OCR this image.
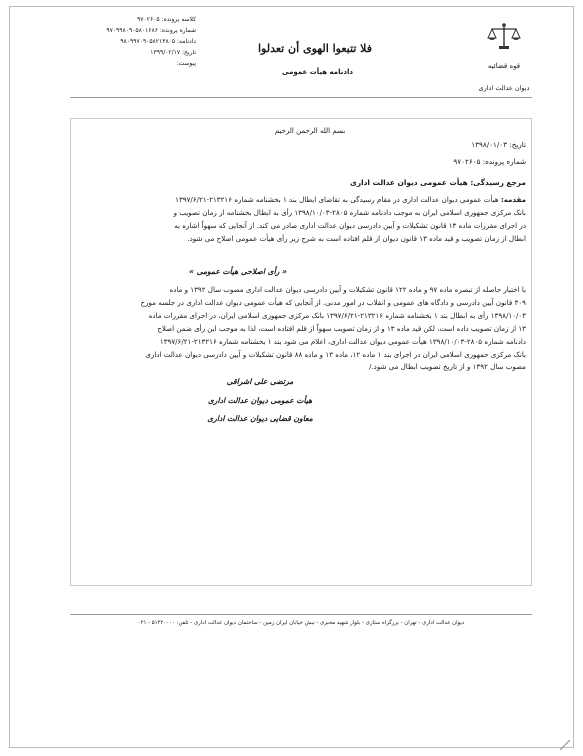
کلاسه پرونده: ۹۷۰۲۶۰۵
شماره پرونده: ۹۷۰۹۹۸۰۹۰۵۸۰۱۶۸۶
دادنامه: ۹۸۰۹۹۷۰۹۰۵۸۲۱۳۸۰۵
تاریخ: ۱۳۹۹/۰۲/۱۷
پیوست:
فلا تتبعوا الهوی أن تعدلوا
دادنامه هیأت عمومی
قوه قضائیه
دیوان عدالت اداری
بسم الله الرحمن الرحیم
تاریخ: ۱۳۹۸/۰۱/۰۳
شماره پرونده: ۹۷۰۲۶۰۵
مرجع رسیدگی: هیأت عمومی دیوان عدالت اداری
مقدمه: هیأت عمومی دیوان عدالت اداری در مقام رسیدگی به تقاضای ابطال بند ۱ بخشنامه شماره ۲۱۳۲۱۶-۱۳۹۷/۶/۲۱
بانک مرکزی جمهوری اسلامی ایران به موجب دادنامه شماره ۲۸۰۵-۱۳۹۸/۱۰/۰۳ رأی به ابطال بخشنامه از زمان تصویب و
در اجرای مقررات ماده ۱۳ قانون تشکیلات و آیین دادرسی دیوان عدالت اداری صادر می کند. از آنجایی که سهواً اشاره به
ابطال از زمان تصویب و قید ماده ۱۳ قانون دیوان از قلم افتاده است به شرح زیر رأی هیأت عمومی اصلاح می شود.
« رأی اصلاحی هیأت عمومی »
با اختیار حاصله از تبصره ماده ۹۷ و ماده ۱۲۲ قانون تشکیلات و آیین دادرسی دیوان عدالت اداری مصوب سال ۱۳۹۲ و ماده
۳۰۹ قانون آیین دادرسی و دادگاه های عمومی و انقلاب در امور مدنی. از آنجایی که هیأت عمومی دیوان عدالت اداری در جلسه مورخ
۱۳۹۸/۱۰/۰۳ رأی به ابطال بند ۱ بخشنامه شماره ۲۱۳۲۱۶-۱۳۹۷/۶/۲۱ بانک مرکزی جمهوری اسلامی ایران، در اجرای مقررات ماده
۱۳ از زمان تصویب داده است، لکن قید ماده ۱۳ و از زمان تصویب سهواً از قلم افتاده است، لذا به موجب این رأی ضمن اصلاح
دادنامه شماره ۲۸۰۵-۱۳۹۸/۱۰/۰۳ هیأت عمومی دیوان عدالت اداری، اعلام می شود بند ۱ بخشنامه شماره ۲۱۳۲۱۶-۱۳۹۷/۶/۲۱
بانک مرکزی جمهوری اسلامی ایران در اجرای بند ۱ ماده ۱۲، ماده ۱۳ و ماده ۸۸ قانون تشکیلات و آیین دادرسی دیوان عدالت اداری
مصوب سال ۱۳۹۲ و از تاریخ تصویب ابطال می شود./
مرتضی علی اشراقی
هیأت عمومی دیوان عدالت اداری
معاون قضایی دیوان عدالت اداری
دیوان عدالت اداری - تهران - بزرگراه ستاری - بلوار شهید مخبری - نبش خیابان ایران زمین - ساختمان دیوان عدالت اداری - تلفن: ۵۱۲۲۰۰۰۰ - ۰۲۱
